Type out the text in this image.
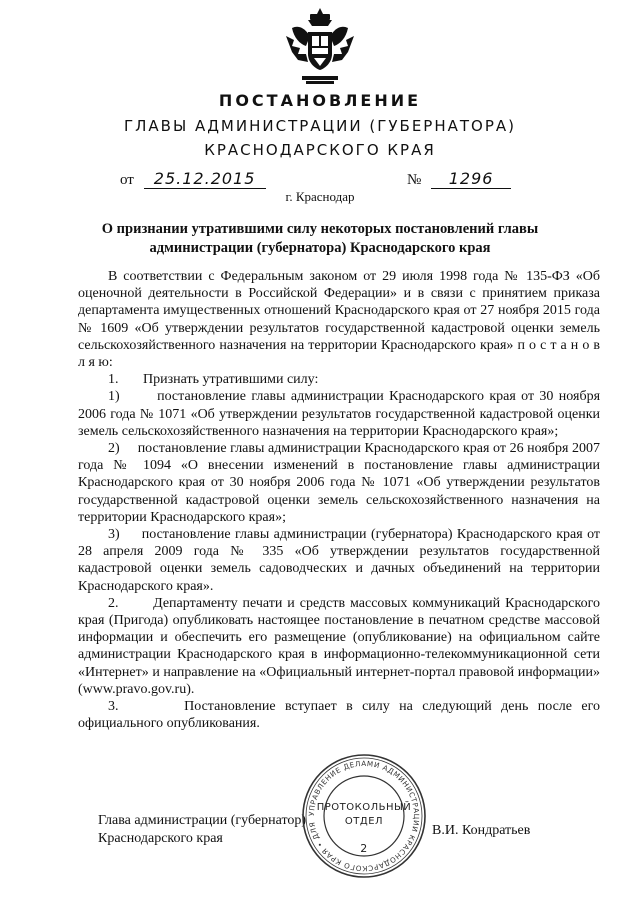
ПОСТАНОВЛЕНИЕ
ГЛАВЫ АДМИНИСТРАЦИИ (ГУБЕРНАТОРА)
КРАСНОДАРСКОГО КРАЯ
от 25.12.2015	№ 1296
г. Краснодар
О признании утратившими силу некоторых постановлений главы администрации (губернатора) Краснодарского края

В соответствии с Федеральным законом от 29 июля 1998 года № 135-ФЗ «Об оценочной деятельности в Российской Федерации» и в связи с принятием приказа департамента имущественных отношений Краснодарского края от 27 ноября 2015 года № 1609 «Об утверждении результатов государственной кадастровой оценки земель сельскохозяйственного назначения на территории Краснодарского края» п о с т а н о в л я ю:

1. Признать утратившими силу:

1)	постановление главы администрации Краснодарского края от 30 ноября 2006 года № 1071 «Об утверждении результатов государственной кадастровой оценки земель сельскохозяйственного назначения на территории Краснодарского края»;

2) постановление главы администрации Краснодарского края от 26 ноября 2007 года № 1094 «О внесении изменений в постановление главы администрации Краснодарского края от 30 ноября 2006 года № 1071 «Об утверждении результатов государственной кадастровой оценки земель сельскохозяйственного назначения на территории Краснодарского края»;

3) постановление главы администрации (губернатора) Краснодарского края от 28 апреля 2009 года № 335 «Об утверждении результатов государственной кадастровой оценки земель садоводческих и дачных объединений на территории Краснодарского края».

2. Департаменту печати и средств массовых коммуникаций Краснодарского края (Пригода) опубликовать настоящее постановление в печатном средстве массовой информации и обеспечить его размещение (опубликование) на официальном сайте администрации Краснодарского края в информационно-телекоммуникационной сети «Интернет» и направление на «Официальный интернет-портал правовой информации» (www.pravo.gov.ru).

3.	Постановление вступает в силу на следующий день после его официального опубликования.

Глава администрации (губернатор)
Краснодарского края
В.И. Кондратьев
УПРАВЛЕНИЕ ДЕЛАМИ АДМИНИСТРАЦИИ КРАСНОДАРСКОГО КРАЯ • ДЛЯ
ПРОТОКОЛЬНЫЙ
ОТДЕЛ
2
